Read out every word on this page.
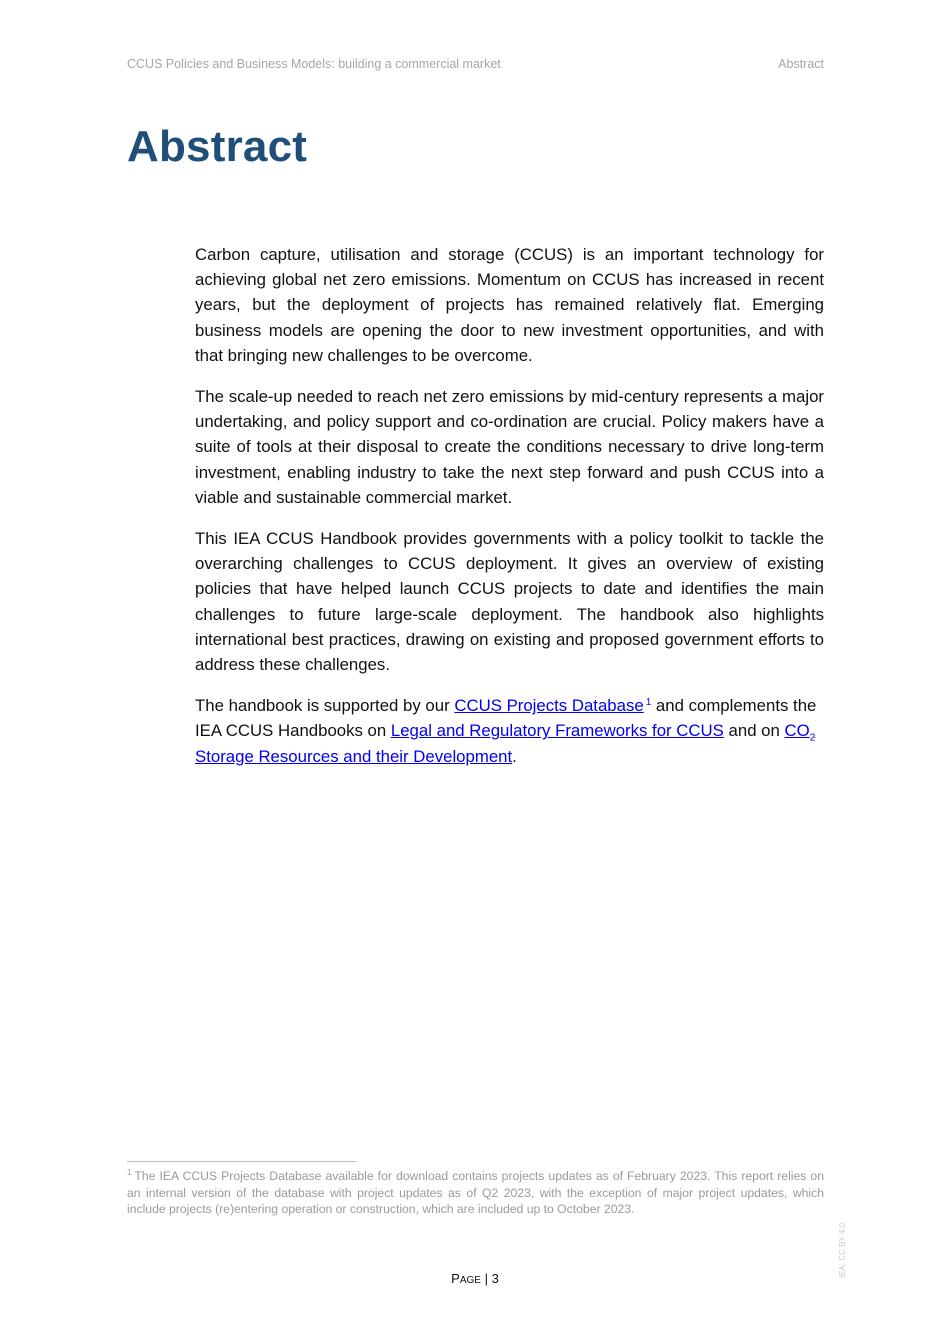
CCUS Policies and Business Models: building a commercial market	Abstract
Abstract

Carbon capture, utilisation and storage (CCUS) is an important technology for achieving global net zero emissions. Momentum on CCUS has increased in recent years, but the deployment of projects has remained relatively flat. Emerging business models are opening the door to new investment opportunities, and with that bringing new challenges to be overcome.

The scale-up needed to reach net zero emissions by mid-century represents a major undertaking, and policy support and co-ordination are crucial. Policy makers have a suite of tools at their disposal to create the conditions necessary to drive long-term investment, enabling industry to take the next step forward and push CCUS into a viable and sustainable commercial market.

This IEA CCUS Handbook provides governments with a policy toolkit to tackle the overarching challenges to CCUS deployment. It gives an overview of existing policies that have helped launch CCUS projects to date and identifies the main challenges to future large-scale deployment. The handbook also highlights international best practices, drawing on existing and proposed government efforts to address these challenges.

The handbook is supported by our CCUS Projects Database $^1$ and complements the IEA CCUS Handbooks on Legal and Regulatory Frameworks for CCUS and on $CO_2$ Storage Resources and their Development.

$^1$ The IEA CCUS Projects Database available for download contains projects updates as of February 2023. This report relies on an internal version of the database with project updates as of Q2 2023, with the exception of major project updates, which include projects (re)entering operation or construction, which are included up to October 2023.
PAGE | 3
IEA. CC BY 4.0.
